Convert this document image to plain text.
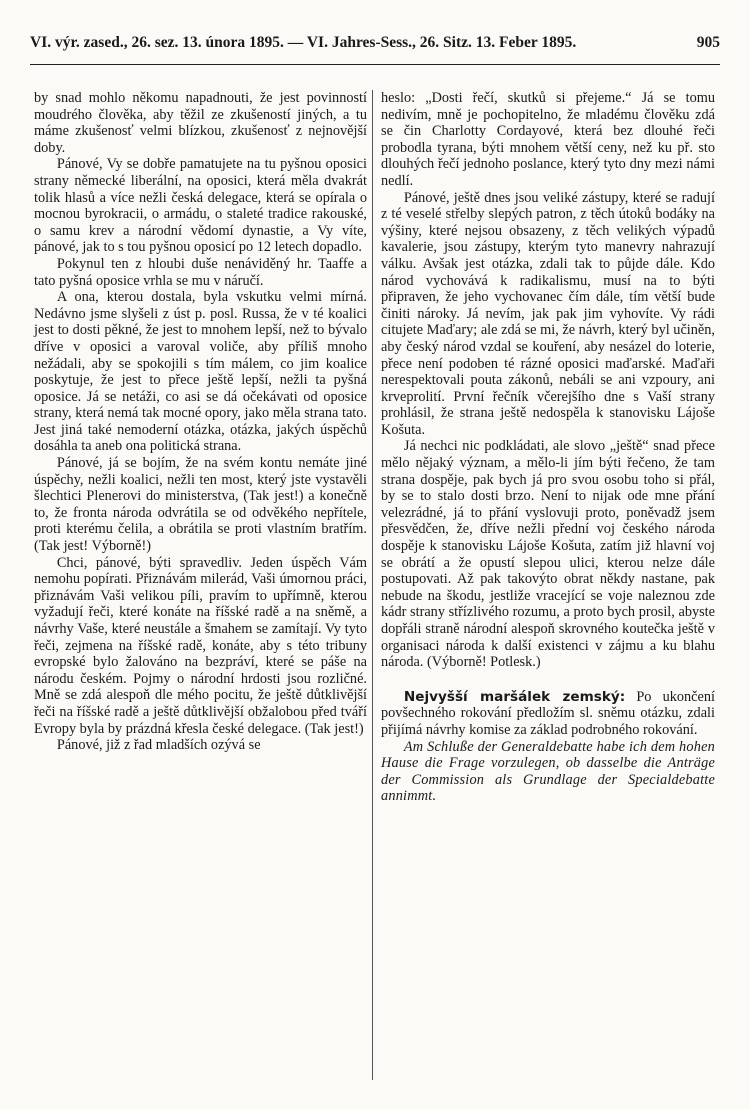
VI. výr. zased., 26. sez. 13. února 1895. — VI. Jahres-Sess., 26. Sitz. 13. Feber 1895.	905

by snad mohlo někomu napadnouti, že jest povinností moudrého člověka, aby těžil ze zkušeností jiných, a tu máme zkušenosť velmi blízkou, zkušenosť z nejnovější doby.

Pánové, Vy se dobře pamatujete na tu pyšnou oposici strany německé liberální, na oposici, která měla dvakrát tolik hlasů a více nežli česká delegace, která se opírala o mocnou byrokracii, o armádu, o staleté tradice rakouské, o samu krev a národní vědomí dynastie, a Vy víte, pánové, jak to s tou pyšnou oposicí po 12 letech dopadlo.

Pokynul ten z hloubi duše nenáviděný hr. Taaffe a tato pyšná oposice vrhla se mu v náručí.

A ona, kterou dostala, byla vskutku velmi mírná. Nedávno jsme slyšeli z úst p. posl. Russa, že v té koalici jest to dosti pěkné, že jest to mnohem lepší, než to bývalo dříve v oposici a varoval voliče, aby příliš mnoho nežádali, aby se spokojili s tím málem, co jim koalice poskytuje, že jest to přece ještě lepší, nežli ta pyšná oposice. Já se netáži, co asi se dá očekávati od oposice strany, která nemá tak mocné opory, jako měla strana tato. Jest jiná také nemoderní otázka, otázka, jakých úspěchů dosáhla ta aneb ona politická strana.

Pánové, já se bojím, že na svém kontu nemáte jiné úspěchy, nežli koalici, nežli ten most, který jste vystavěli šlechtici Plenerovi do ministerstva, (Tak jest!) a konečně to, že fronta národa odvrátila se od odvěkého nepřítele, proti kterému čelila, a obrátila se proti vlastním bratřím. (Tak jest! Výborně!)

Chci, pánové, býti spravedliv. Jeden úspěch Vám nemohu popírati. Přiznávám milerád, Vaši úmornou práci, přiznávám Vaši velikou píli, pravím to upřímně, kterou vyžadují řeči, které konáte na říšské radě a na sněmě, a návrhy Vaše, které neustále a šmahem se zamítají. Vy tyto řeči, zejmena na říšské radě, konáte, aby s této tribuny evropské bylo žalováno na bezpráví, které se páše na národu českém. Pojmy o národní hrdosti jsou rozličné. Mně se zdá alespoň dle mého pocitu, že ještě důtklivější řeči na říšské radě a ještě důtklivější obžalobou před tváří Evropy byla by prázdná křesla české delegace. (Tak jest!)

Pánové, již z řad mladších ozývá se

heslo: „Dosti řečí, skutků si přejeme.“ Já se tomu nedivím, mně je pochopitelno, že mladému člověku zdá se čin Charlotty Cordayové, která bez dlouhé řeči probodla tyrana, býti mnohem větší ceny, než ku př. sto dlouhých řečí jednoho poslance, který tyto dny mezi námi nedlí.

Pánové, ještě dnes jsou veliké zástupy, které se radují z té veselé střelby slepých patron, z těch útoků bodáky na výšiny, které nejsou obsazeny, z těch velikých výpadů kavalerie, jsou zástupy, kterým tyto manevry nahrazují válku. Avšak jest otázka, zdali tak to půjde dále. Kdo národ vychovává k radikalismu, musí na to býti připraven, že jeho vychovanec čím dále, tím větší bude činiti nároky. Já nevím, jak pak jim vyhovíte. Vy rádi citujete Maďary; ale zdá se mi, že návrh, který byl učiněn, aby český národ vzdal se kouření, aby nesázel do loterie, přece není podoben té rázné oposici maďarské. Maďaři nerespektovali pouta zákonů, nebáli se ani vzpoury, ani krveprolití. První řečník včerejšího dne s Vaší strany prohlásil, že strana ještě nedospěla k stanovisku Lájoše Košuta.

Já nechci nic podkládati, ale slovo „ještě“ snad přece mělo nějaký význam, a mělo-li jím býti řečeno, že tam strana dospěje, pak bych já pro svou osobu toho si přál, by se to stalo dosti brzo. Není to nijak ode mne přání velezrádné, já to přání vyslovuji proto, poněvadž jsem přesvědčen, že, dříve nežli přední voj českého národa dospěje k stanovisku Lájoše Košuta, zatím již hlavní voj se obrátí a že opustí slepou ulici, kterou nelze dále postupovati. Až pak takovýto obrat někdy nastane, pak nebude na škodu, jestliže vracející se voje naleznou zde kádr strany střízlivého rozumu, a proto bych prosil, abyste dopřáli straně národní alespoň skrovného koutečka ještě v organisaci národa k další existenci v zájmu a ku blahu národa. (Výborně! Potlesk.)

Nejvyšší maršálek zemský: Po ukončení povšechného rokování předložím sl. sněmu otázku, zdali přijímá návrhy komise za základ podrobného rokování.

Am Schluße der Generaldebatte habe ich dem hohen Hause die Frage vorzulegen, ob dasselbe die Anträge der Commission als Grundlage der Specialdebatte annimmt.
